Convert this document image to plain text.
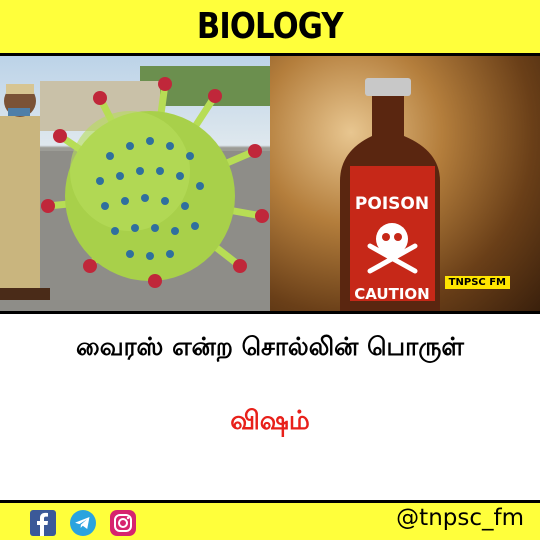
BIOLOGY
POISON
CAUTION
TNPSC FM
வைரஸ் என்ற சொல்லின் பொருள்
விஷம்
@tnpsc_fm
